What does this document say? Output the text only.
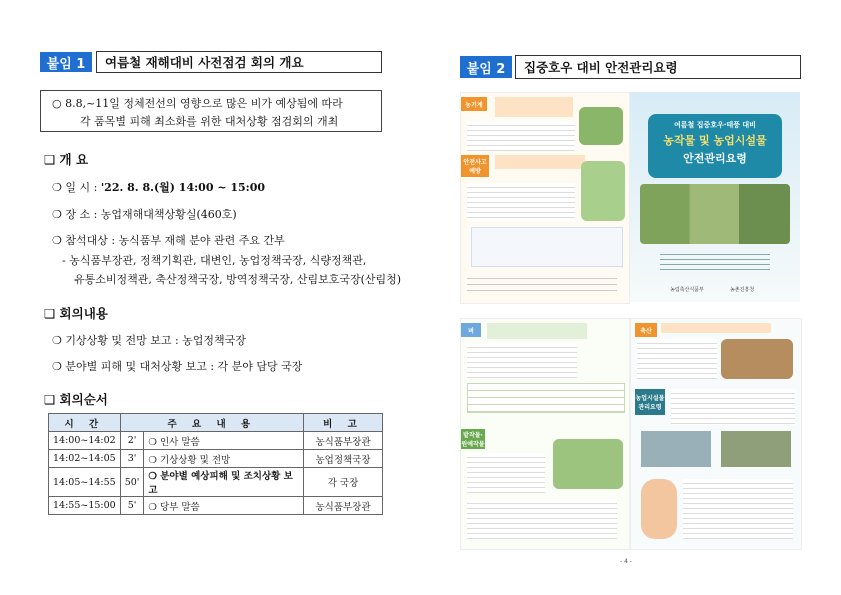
붙임 1	여름철 재해대비 사전점검 회의 개요
○ 8.8,~11일 정체전선의 영향으로 많은 비가 예상됨에 따라
각 품목별 피해 최소화를 위한 대처상황 점검회의 개최
❑ 개 요
❍ 일 시 : '22. 8. 8.(월) 14:00 ~ 15:00
❍ 장 소 : 농업재해대책상황실(460호)
❍ 참석대상 : 농식품부 재해 분야 관련 주요 간부
- 농식품부장관, 정책기획관, 대변인, 농업정책국장, 식량정책관,
유통소비정책관, 축산정책국장, 방역정책국장, 산림보호국장(산림청)
❑ 회의내용
❍ 기상상황 및 전망 보고 : 농업정책국장
❍ 분야별 피해 및 대처상황 보고 : 각 분야 담당 국장
❑ 회의순서
시 간	주 요 내 용		비 고
14:00~14:02	2'	❍ 인사 말씀	농식품부장관
14:02~14:05	3'	❍ 기상상황 및 전망	농업정책국장
14:05~14:55	50'	❍ 분야별 예상피해 및 조치상황 보고	각 국장
14:55~15:00	5'	❍ 당부 말씀	농식품부장관
붙임 2	집중호우 대비 안전관리요령
농기계
안전사고 예방
여름철 집중호우·태풍 대비
농작물 및 농업시설물
안전관리요령
농림축산식품부	농촌진흥청
벼
밭작물·원예작물
축산
농업시설물 관리요령
- 4 -
